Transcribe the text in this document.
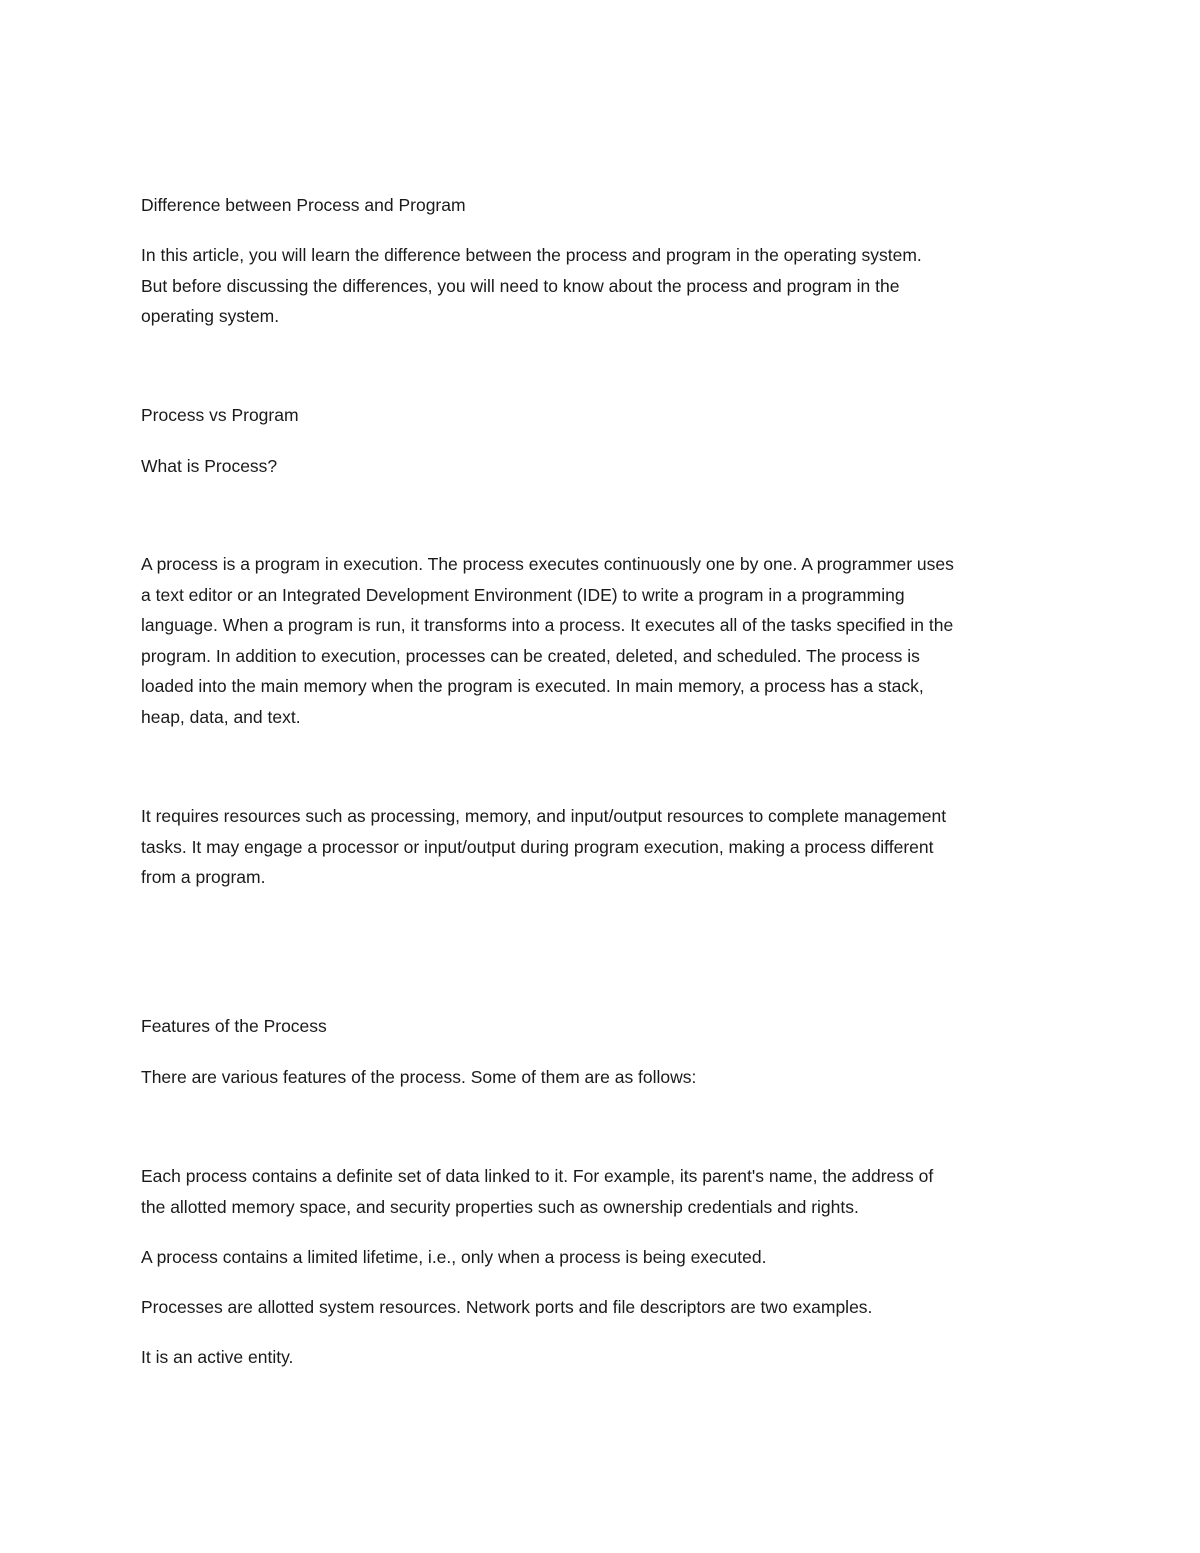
Difference between Process and Program

In this article, you will learn the difference between the process and program in the operating system.
But before discussing the differences, you will need to know about the process and program in the
operating system.

Process vs Program

What is Process?

A process is a program in execution. The process executes continuously one by one. A programmer uses
a text editor or an Integrated Development Environment (IDE) to write a program in a programming
language. When a program is run, it transforms into a process. It executes all of the tasks specified in the
program. In addition to execution, processes can be created, deleted, and scheduled. The process is
loaded into the main memory when the program is executed. In main memory, a process has a stack,
heap, data, and text.

It requires resources such as processing, memory, and input/output resources to complete management
tasks. It may engage a processor or input/output during program execution, making a process different
from a program.

Features of the Process

There are various features of the process. Some of them are as follows:

Each process contains a definite set of data linked to it. For example, its parent's name, the address of
the allotted memory space, and security properties such as ownership credentials and rights.

A process contains a limited lifetime, i.e., only when a process is being executed.

Processes are allotted system resources. Network ports and file descriptors are two examples.

It is an active entity.
